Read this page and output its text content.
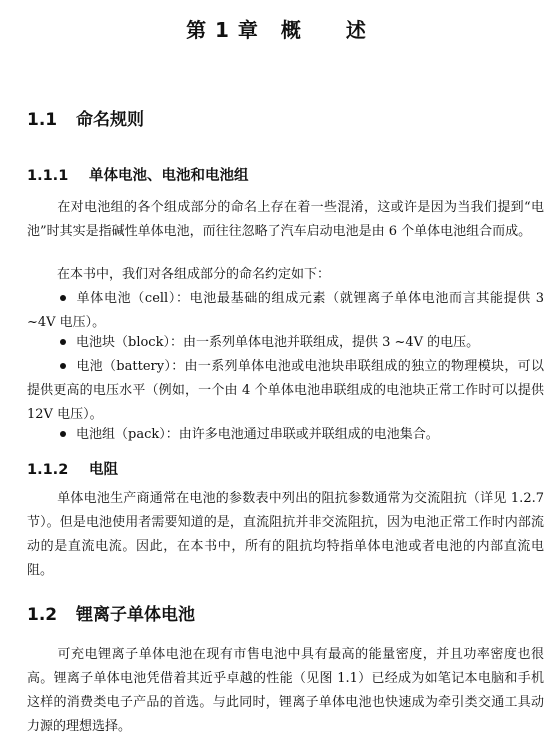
第 1 章 概 述
1.1 命名规则
1.1.1 单体电池、电池和电池组

在对电池组的各个组成部分的命名上存在着一些混淆，这或许是因为当我们提到“电池”时其实是指碱性单体电池，而往往忽略了汽车启动电池是由 6 个单体电池组合而成。

在本书中，我们对各组成部分的命名约定如下：

单体电池（cell）：电池最基础的组成元素（就锂离子单体电池而言其能提供 3 ~4V 电压）。

电池块（block）：由一系列单体电池并联组成，提供 3 ~4V 的电压。

电池（battery）：由一系列单体电池或电池块串联组成的独立的物理模块，可以提供更高的电压水平（例如，一个由 4 个单体电池串联组成的电池块正常工作时可以提供 12V 电压）。

电池组（pack）：由许多电池通过串联或并联组成的电池集合。

1.1.2 电阻

单体电池生产商通常在电池的参数表中列出的阻抗参数通常为交流阻抗（详见 1.2.7 节）。但是电池使用者需要知道的是，直流阻抗并非交流阻抗，因为电池正常工作时内部流动的是直流电流。因此，在本书中，所有的阻抗均特指单体电池或者电池的内部直流电阻。

1.2 锂离子单体电池

可充电锂离子单体电池在现有市售电池中具有最高的能量密度，并且功率密度也很高。锂离子单体电池凭借着其近乎卓越的性能（见图 1.1）已经成为如笔记本电脑和手机这样的消费类电子产品的首选。与此同时，锂离子单体电池也快速成为牵引类交通工具动力源的理想选择。
